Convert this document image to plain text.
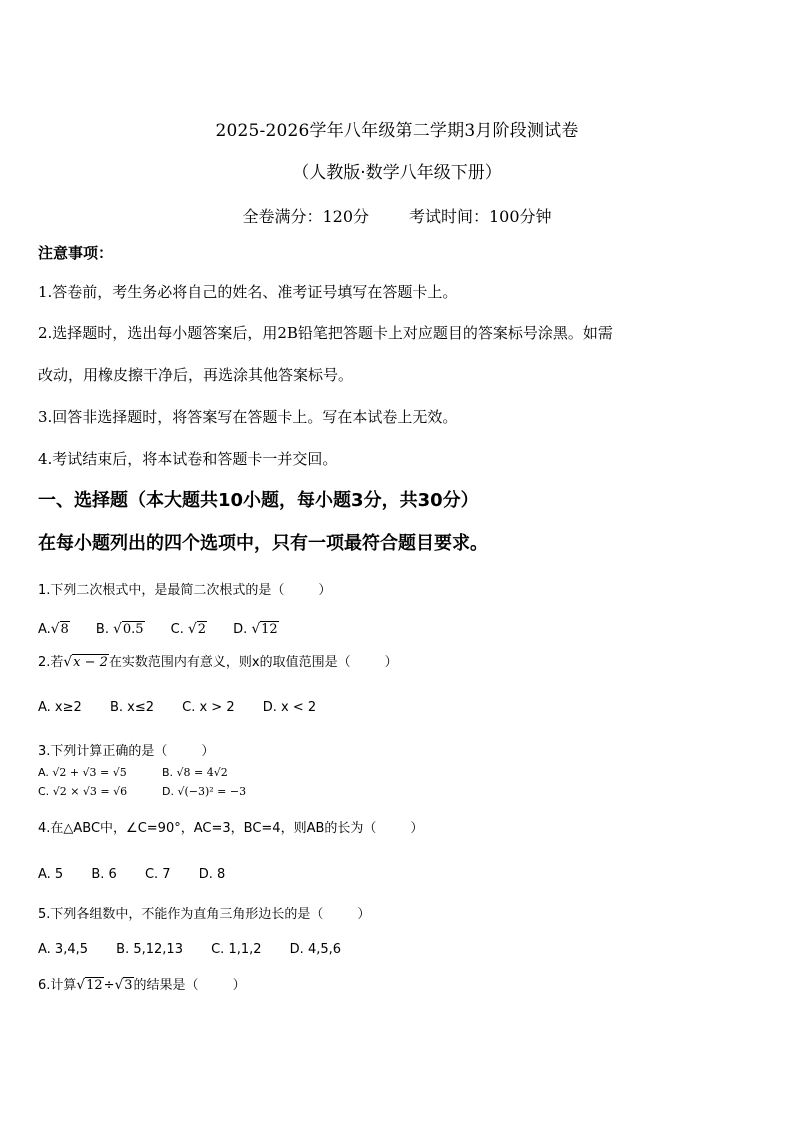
2025-2026学年八年级第二学期3月阶段测试卷
（人教版·数学八年级下册）
全卷满分：120分	考试时间：100分钟
注意事项：
1.答卷前，考生务必将自己的姓名、准考证号填写在答题卡上。
2.选择题时，选出每小题答案后，用2B铅笔把答题卡上对应题目的答案标号涂黑。如需
改动，用橡皮擦干净后，再选涂其他答案标号。
3.回答非选择题时，将答案写在答题卡上。写在本试卷上无效。
4.考试结束后，将本试卷和答题卡一并交回。
一、选择题（本大题共10小题，每小题3分，共30分）
在每小题列出的四个选项中，只有一项最符合题目要求。
1.下列二次根式中，是最简二次根式的是（	）
A.√8 B. √0.5 C. √2 D. √12
2.若√x − 2在实数范围内有意义，则x的取值范围是（	）
A. x≥2 B. x≤2 C. x > 2 D. x < 2
3.下列计算正确的是（	）
A. √2 + √3 = √5	B. √8 = 4√2
C. √2 × √3 = √6	D. √(−3)² = −3
4.在△ABC中，∠C=90°，AC=3，BC=4，则AB的长为（	）
A. 5 B. 6 C. 7 D. 8
5.下列各组数中，不能作为直角三角形边长的是（	）
A. 3,4,5 B. 5,12,13 C. 1,1,2 D. 4,5,6
6.计算√12÷√3的结果是（	）
